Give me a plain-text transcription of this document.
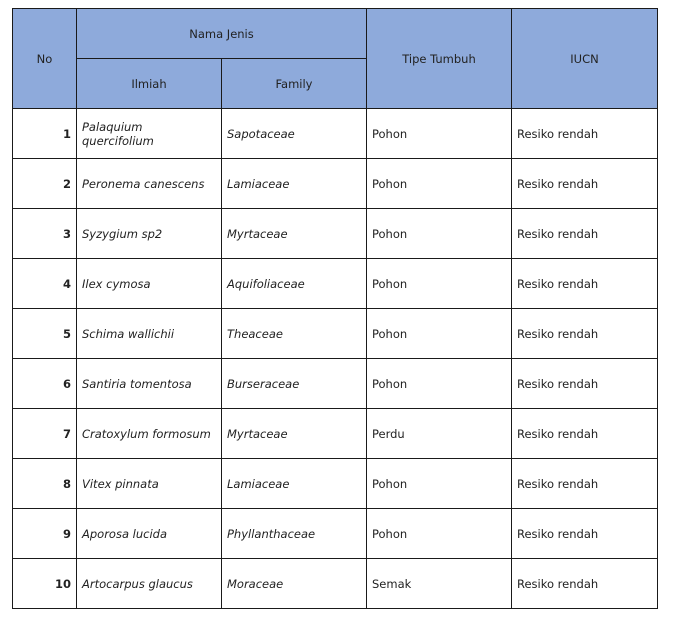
No	Nama Jenis		Tipe Tumbuh	IUCN
	Ilmiah	Family		
1	Palaquium quercifolium	Sapotaceae	Pohon	Resiko rendah
2	Peronema canescens	Lamiaceae	Pohon	Resiko rendah
3	Syzygium sp2	Myrtaceae	Pohon	Resiko rendah
4	Ilex cymosa	Aquifoliaceae	Pohon	Resiko rendah
5	Schima wallichii	Theaceae	Pohon	Resiko rendah
6	Santiria tomentosa	Burseraceae	Pohon	Resiko rendah
7	Cratoxylum formosum	Myrtaceae	Perdu	Resiko rendah
8	Vitex pinnata	Lamiaceae	Pohon	Resiko rendah
9	Aporosa lucida	Phyllanthaceae	Pohon	Resiko rendah
10	Artocarpus glaucus	Moraceae	Semak	Resiko rendah
